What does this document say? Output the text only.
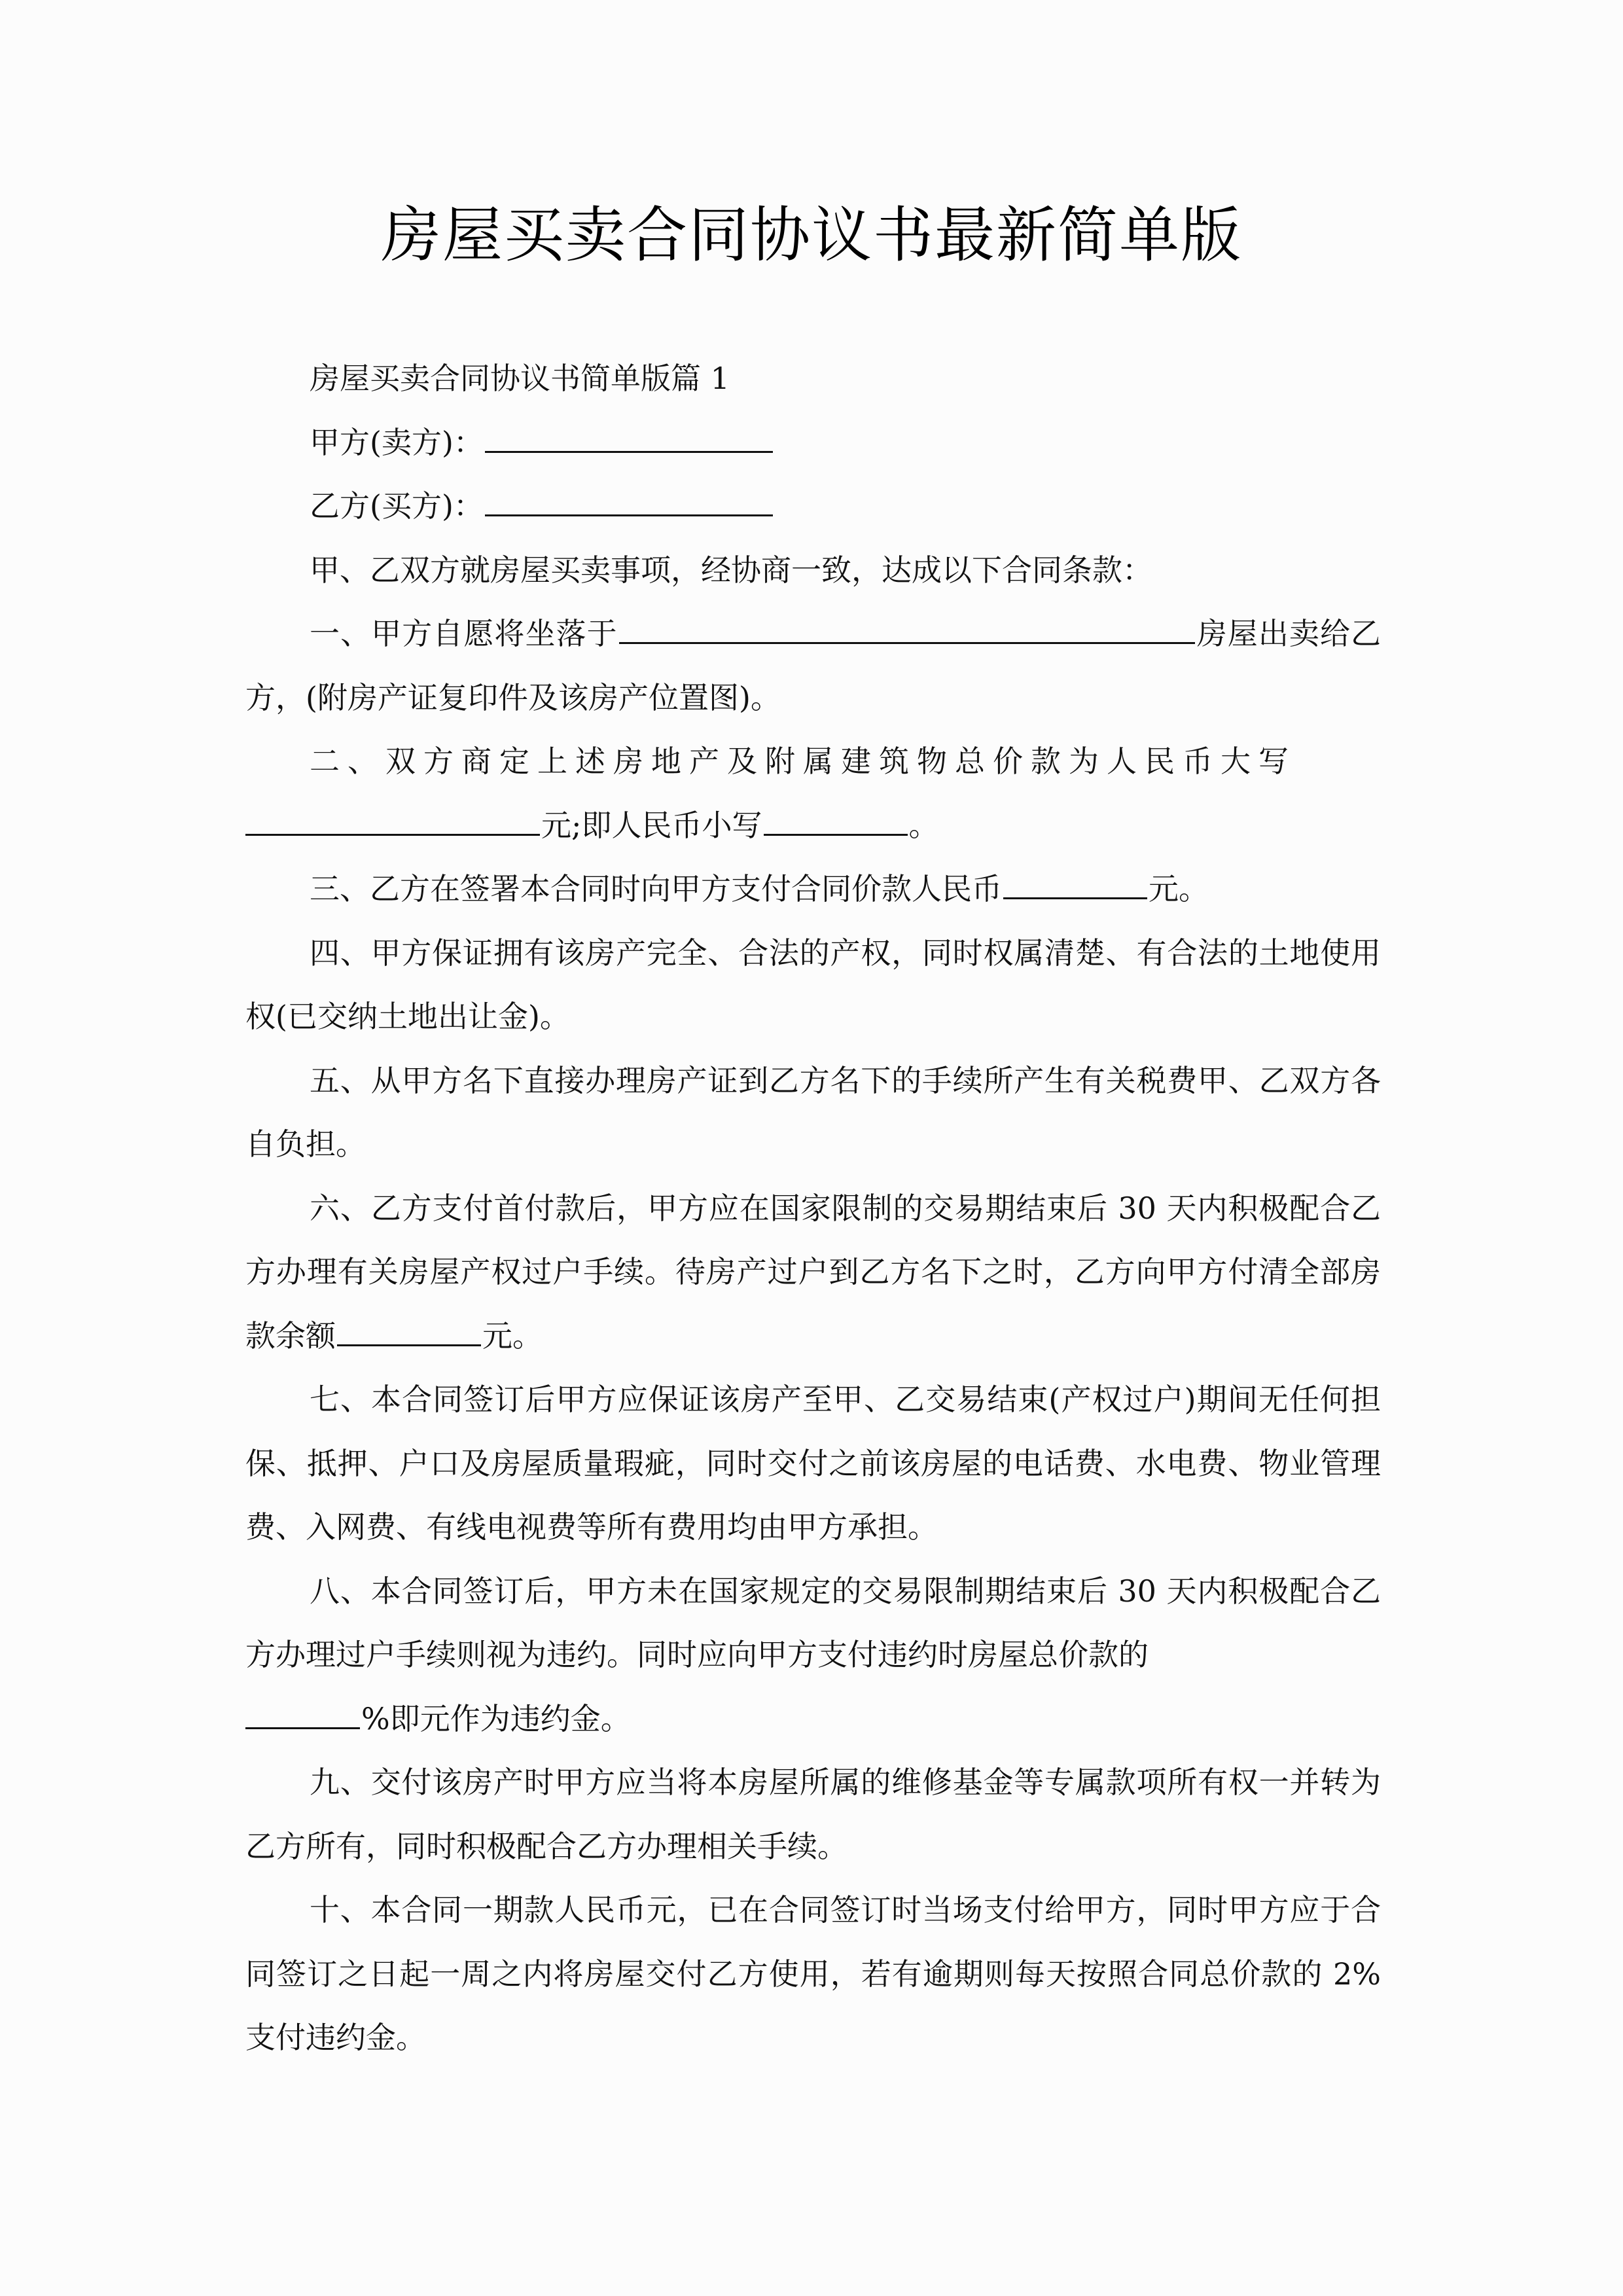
房屋买卖合同协议书最新简单版

房屋买卖合同协议书简单版篇 1

甲方(卖方)：

乙方(买方)：

甲、乙双方就房屋买卖事项，经协商一致，达成以下合同条款：

一、甲方自愿将坐落于	房屋出卖给乙方，(附房产证复印件及该房产位置图)。

二、双方商定上述房地产及附属建筑物总价款为人民币大写
元;即人民币小写	。

三、乙方在签署本合同时向甲方支付合同价款人民币	元。

四、甲方保证拥有该房产完全、合法的产权，同时权属清楚、有合法的土地使用权(已交纳土地出让金)。

五、从甲方名下直接办理房产证到乙方名下的手续所产生有关税费甲、乙双方各自负担。

六、乙方支付首付款后，甲方应在国家限制的交易期结束后 30 天内积极配合乙方办理有关房屋产权过户手续。待房产过户到乙方名下之时，乙方向甲方付清全部房款余额	元。

七、本合同签订后甲方应保证该房产至甲、乙交易结束(产权过户)期间无任何担保、抵押、户口及房屋质量瑕疵，同时交付之前该房屋的电话费、水电费、物业管理费、入网费、有线电视费等所有费用均由甲方承担。

八、本合同签订后，甲方未在国家规定的交易限制期结束后 30 天内积极配合乙方办理过户手续则视为违约。同时应向甲方支付违约时房屋总价款的
%即元作为违约金。

九、交付该房产时甲方应当将本房屋所属的维修基金等专属款项所有权一并转为乙方所有，同时积极配合乙方办理相关手续。

十、本合同一期款人民币元，已在合同签订时当场支付给甲方，同时甲方应于合同签订之日起一周之内将房屋交付乙方使用，若有逾期则每天按照合同总价款的 2%支付违约金。
